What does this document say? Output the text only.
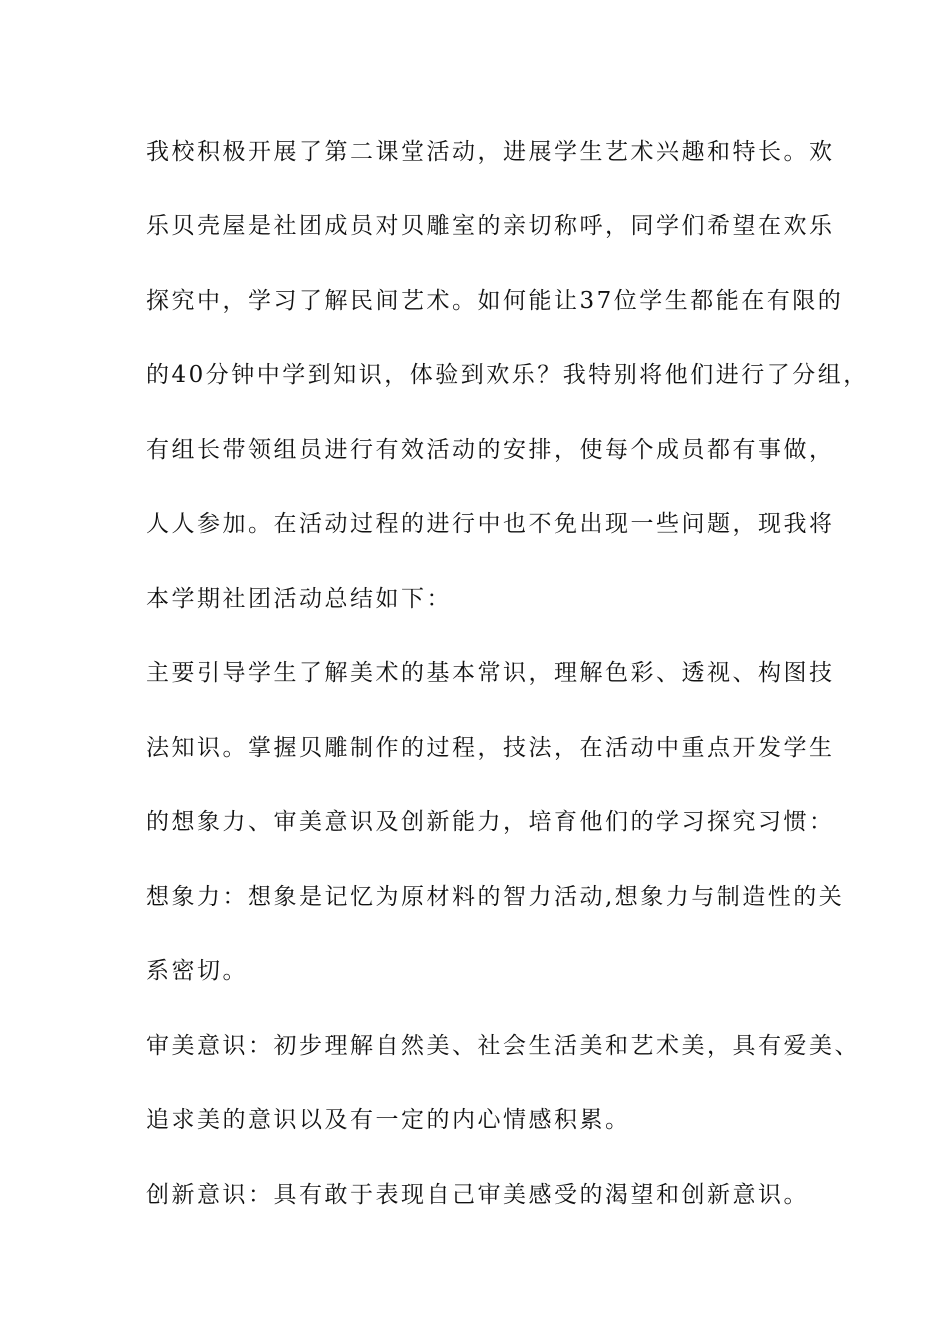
我校积极开展了第二课堂活动，进展学生艺术兴趣和特长。欢
乐贝壳屋是社团成员对贝雕室的亲切称呼，同学们希望在欢乐
探究中，学习了解民间艺术。如何能让37位学生都能在有限的
的40分钟中学到知识，体验到欢乐？我特别将他们进行了分组，
有组长带领组员进行有效活动的安排，使每个成员都有事做，
人人参加。在活动过程的进行中也不免出现一些问题，现我将
本学期社团活动总结如下：
主要引导学生了解美术的基本常识，理解色彩、透视、构图技
法知识。掌握贝雕制作的过程，技法，在活动中重点开发学生
的想象力、审美意识及创新能力，培育他们的学习探究习惯：
想象力：想象是记忆为原材料的智力活动,想象力与制造性的关
系密切。
审美意识：初步理解自然美、社会生活美和艺术美，具有爱美、
追求美的意识以及有一定的内心情感积累。
创新意识：具有敢于表现自己审美感受的渴望和创新意识。
